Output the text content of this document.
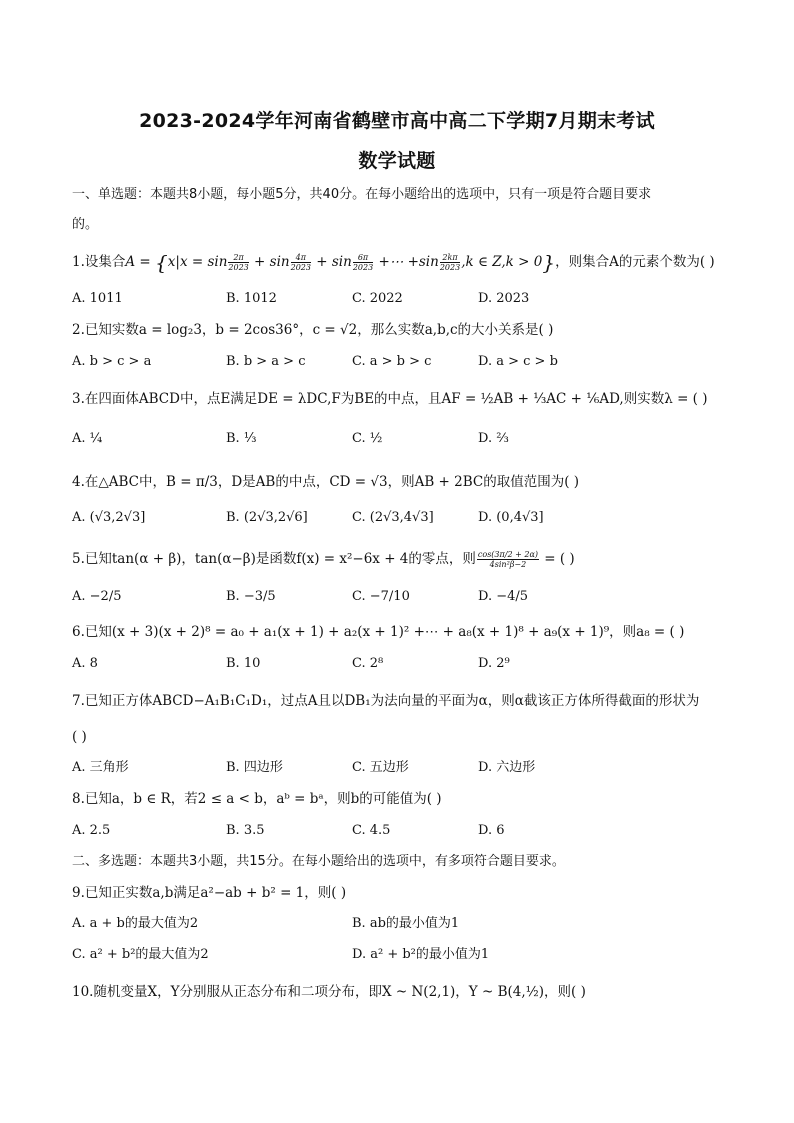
2023-2024学年河南省鹤壁市高中高二下学期7月期末考试
数学试题
一、单选题：本题共8小题，每小题5分，共40分。在每小题给出的选项中，只有一项是符合题目要求
的。
1.设集合$A = \{x|x = \sin \frac{2\pi}{2023} + \sin \frac{4\pi}{2023} + \sin \frac{6\pi}{2023}$ +⋯ $+\sin \frac{2k\pi}{2023} ,k$ ∈ Z,k > 0}，则集合A的元素个数为( )
A. 1011	B. 1012	C. 2022	D. 2023
2.已知实数a = log₂3，b = 2cos36°，c = √2，那么实数a,b,c的大小关系是( )
A. b > c > a	B. b > a > c	C. a > b > c	D. a > c > b
3.在四面体ABCD中，点E满足DE = λDC,F为BE的中点，且AF = ½AB + ⅓AC + ⅙AD,则实数λ = ( )
A. ¼	B. ⅓	C. ½	D. ⅔
4.在△ABC中，B = π/3，D是AB的中点，CD = √3，则AB + 2BC的取值范围为( )
A. (√3,2√3]	B. (2√3,2√6]	C. (2√3,4√3]	D. (0,4√3]
5.已知tan(α + β)，tan(α−β)是函数f(x) = x²−6x + 4的零点，则 $\frac{\cos(3\pi/2 + 2\alpha)}{\text{4sin²β−2}}$ = ( )
A. −2/5	B. −3/5	C. −7/10	D. −4/5
6.已知(x + 3)(x + 2)⁸ = a₀ + a₁(x + 1) + a₂(x + 1)² +⋯ + a₈(x + 1)⁸ + a₉(x + 1)⁹，则a₈ = ( )
A. 8	B. 10	C. 2⁸	D. 2⁹
7.已知正方体ABCD−A₁B₁C₁D₁，过点A且以DB₁为法向量的平面为α，则α截该正方体所得截面的形状为
( )
A. 三角形	B. 四边形	C. 五边形	D. 六边形
8.已知a，b ∈ R，若2 ≤ a < b，aᵇ = bᵃ，则b的可能值为( )
A. 2.5	B. 3.5	C. 4.5	D. 6
二、多选题：本题共3小题，共15分。在每小题给出的选项中，有多项符合题目要求。
9.已知正实数a,b满足a²−ab + b² = 1，则( )
A. a + b的最大值为2	B. ab的最小值为1
C. a² + b²的最大值为2	D. a² + b²的最小值为1
10.随机变量X，Y分别服从正态分布和二项分布，即X ~ N(2,1)，Y ~ B(4,½)，则( )
